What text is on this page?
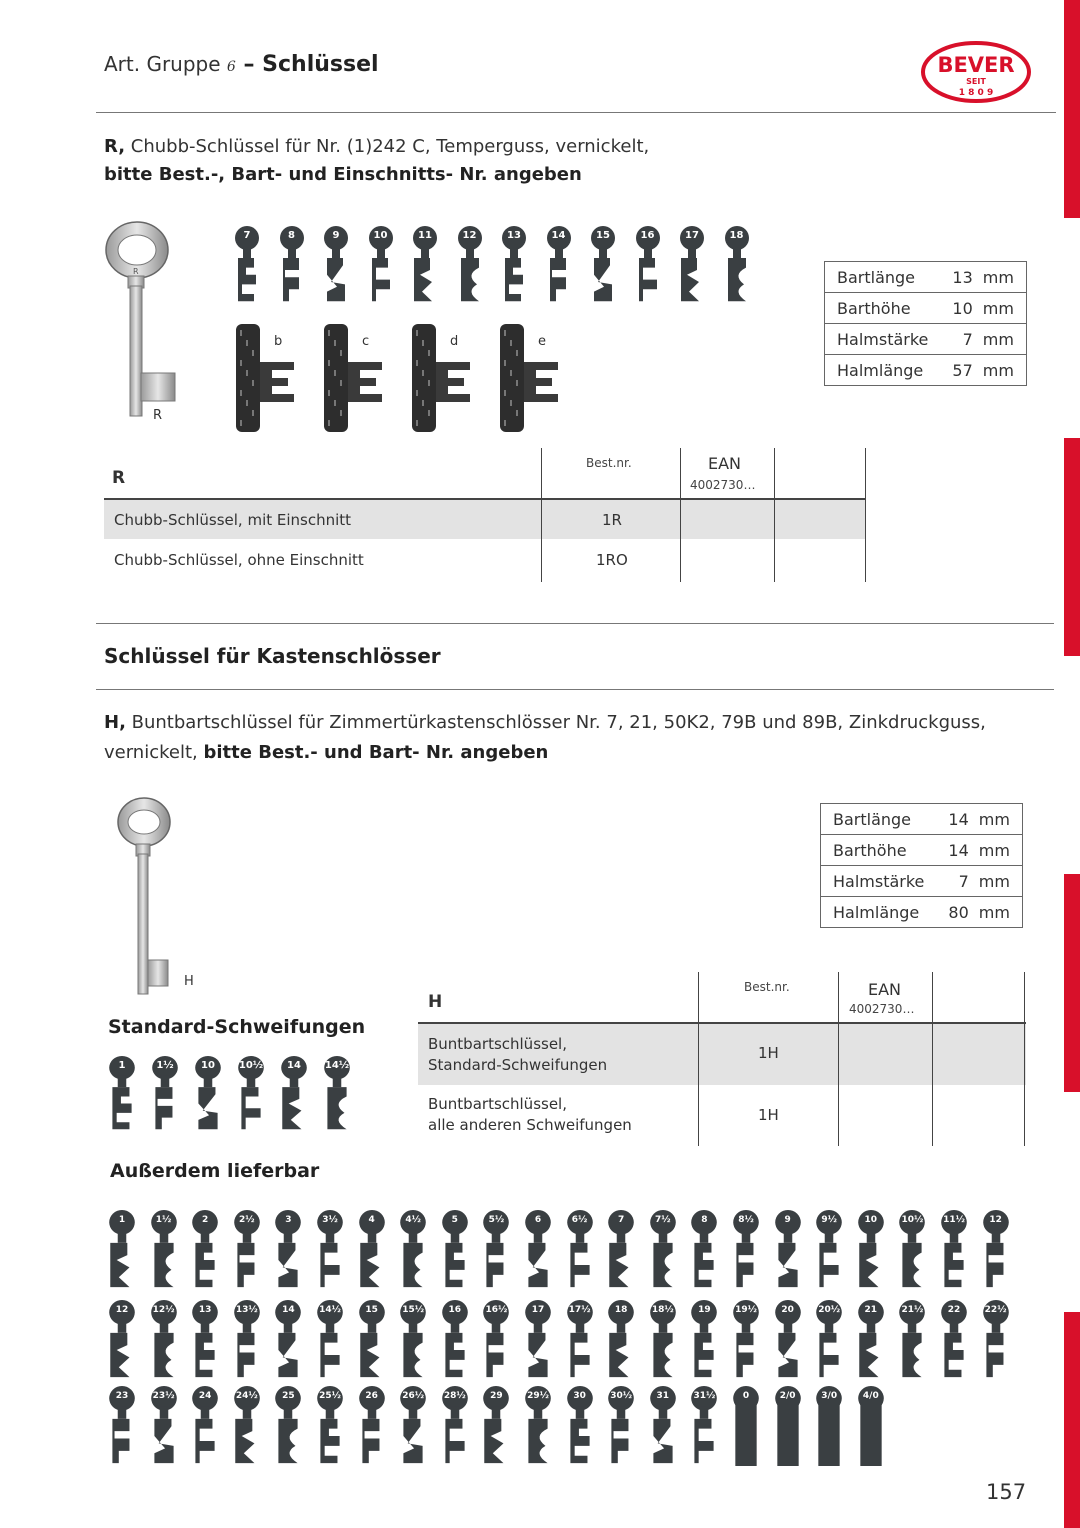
Art. Gruppe 6 – Schlüssel	BEVER
SEIT
1 8 0 9
R, Chubb-Schlüssel für Nr. (1)242 C, Temperguss, vernickelt,
bitte Best.-, Bart- und Einschnitts- Nr. angeben
R
R
7	8	9	10	11	12	13	14	15	16	17	18
b	c	d	e
Bartlänge	13	mm
Barthöhe	10	mm
Halmstärke	7	mm
Halmlänge	57	mm
R
Best.nr.	EAN
4002730…
Chubb-Schlüssel, mit Einschnitt	1R
Chubb-Schlüssel, ohne Einschnitt	1RO
Schlüssel für Kastenschlösser
H, Buntbartschlüssel für Zimmertürkastenschlösser Nr. 7, 21, 50K2, 79B und 89B, Zinkdruckguss,
vernickelt, bitte Best.- und Bart- Nr. angeben
H
Bartlänge	14	mm
Barthöhe	14	mm
Halmstärke	7	mm
Halmlänge	80	mm
H
Best.nr.	EAN
4002730…
Buntbartschlüssel,
Standard-Schweifungen
1H
Buntbartschlüssel,
alle anderen Schweifungen
1H
Standard-Schweifungen
1	1½	10	10½	14	14½
Außerdem lieferbar
1	1½	2	2½	3	3½	4	4½	5	5½	6	6½	7	7½	8	8½	9	9½	10	10½	11½	12
12	12½	13	13½	14	14½	15	15½	16	16½	17	17½	18	18½	19	19½	20	20½	21	21½	22	22½
23	23½	24	24½	25	25½	26	26½	28½	29	29½	30	30½	31	31½	0	2/0	3/0	4/0
157
